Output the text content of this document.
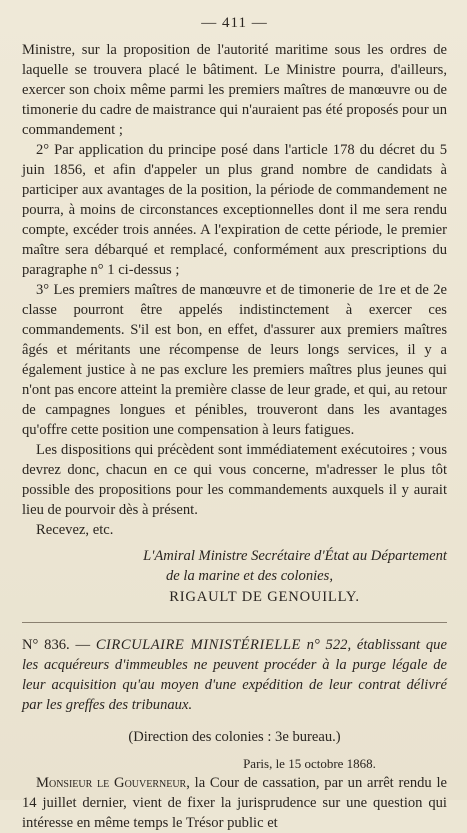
— 411 —

Ministre, sur la proposition de l'autorité maritime sous les ordres de laquelle se trouvera placé le bâtiment. Le Ministre pourra, d'ailleurs, exercer son choix même parmi les premiers maîtres de manœuvre ou de timonerie du cadre de maistrance qui n'auraient pas été proposés pour un commandement ;

2° Par application du principe posé dans l'article 178 du décret du 5 juin 1856, et afin d'appeler un plus grand nombre de candidats à participer aux avantages de la position, la période de commandement ne pourra, à moins de circonstances exceptionnelles dont il me sera rendu compte, excéder trois années. A l'expiration de cette période, le premier maître sera débarqué et remplacé, conformément aux prescriptions du paragraphe n° 1 ci-dessus ;

3° Les premiers maîtres de manœuvre et de timonerie de 1re et de 2e classe pourront être appelés indistinctement à exercer ces commandements. S'il est bon, en effet, d'assurer aux premiers maîtres âgés et méritants une récompense de leurs longs services, il y a également justice à ne pas exclure les premiers maîtres plus jeunes qui n'ont pas encore atteint la première classe de leur grade, et qui, au retour de campagnes longues et pénibles, trouveront dans les avantages qu'offre cette position une compensation à leurs fatigues.

Les dispositions qui précèdent sont immédiatement exécutoires ; vous devrez donc, chacun en ce qui vous concerne, m'adresser le plus tôt possible des propositions pour les commandements auxquels il y aurait lieu de pourvoir dès à présent.

Recevez, etc.

L'Amiral Ministre Secrétaire d'État au Département
de la marine et des colonies,
RIGAULT DE GENOUILLY.

N° 836. — CIRCULAIRE MINISTÉRIELLE n° 522, établissant que les acquéreurs d'immeubles ne peuvent procéder à la purge légale de leur acquisition qu'au moyen d'une expédition de leur contrat délivré par les greffes des tribunaux.

(Direction des colonies : 3e bureau.)
Paris, le 15 octobre 1868.

Monsieur le Gouverneur, la Cour de cassation, par un arrêt rendu le 14 juillet dernier, vient de fixer la jurisprudence sur une question qui intéresse en même temps le Trésor public et
